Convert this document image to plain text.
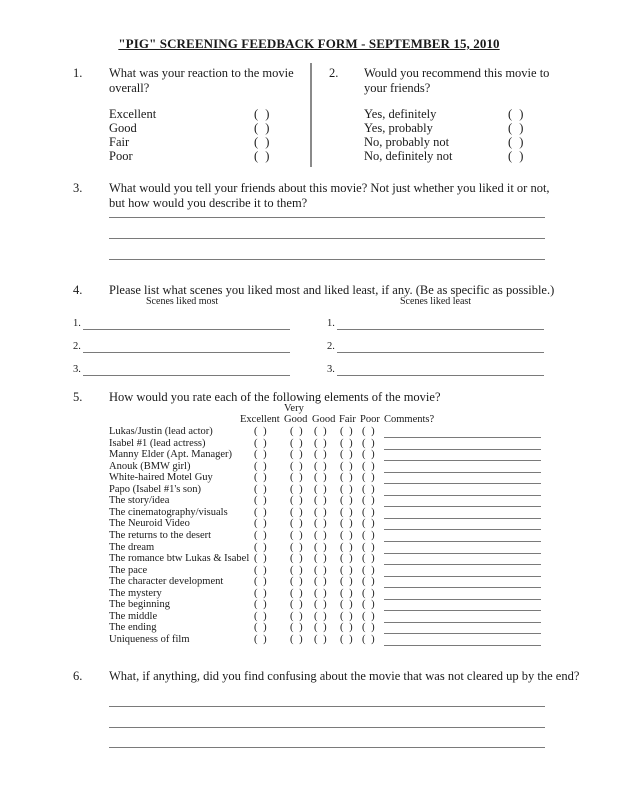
"PIG" SCREENING FEEDBACK FORM - SEPTEMBER 15, 2010
1. What was your reaction to the movie
overall?
Excellent	( )
Good	( )
Fair	( )
Poor	( )
2. Would you recommend this movie to
your friends?
Yes, definitely	( )
Yes, probably	( )
No, probably not	( )
No, definitely not	( )
3. What would you tell your friends about this movie? Not just whether you liked it or not,
but how would you describe it to them?
4. Please list what scenes you liked most and liked least, if any. (Be as specific as possible.)
Scenes liked most	Scenes liked least
1.	1.
2.	2.
3.	3.
5. How would you rate each of the following elements of the movie?
Very
Excellent Good Good Fair Poor Comments?
Lukas/Justin (lead actor)	( ) ( ) ( ) ( ) ( )
Isabel #1 (lead actress)	( ) ( ) ( ) ( ) ( )
Manny Elder (Apt. Manager) ( ) ( ) ( ) ( ) ( )
Anouk (BMW girl)	( ) ( ) ( ) ( ) ( )
White-haired Motel Guy	( ) ( ) ( ) ( ) ( )
Papo (Isabel #1's son)	( ) ( ) ( ) ( ) ( )
The story/idea	( ) ( ) ( ) ( ) ( )
The cinematography/visuals	( ) ( ) ( ) ( ) ( )
The Neuroid Video	( ) ( ) ( ) ( ) ( )
The returns to the desert	( ) ( ) ( ) ( ) ( )
The dream	( ) ( ) ( ) ( ) ( )
The romance btw Lukas & Isabel ( ) ( ) ( ) ( ) ( )
The pace	( ) ( ) ( ) ( ) ( )
The character development	( ) ( ) ( ) ( ) ( )
The mystery	( ) ( ) ( ) ( ) ( )
The beginning	( ) ( ) ( ) ( ) ( )
The middle	( ) ( ) ( ) ( ) ( )
The ending	( ) ( ) ( ) ( ) ( )
Uniqueness of film	( ) ( ) ( ) ( ) ( )
6. What, if anything, did you find confusing about the movie that was not cleared up by the end?
